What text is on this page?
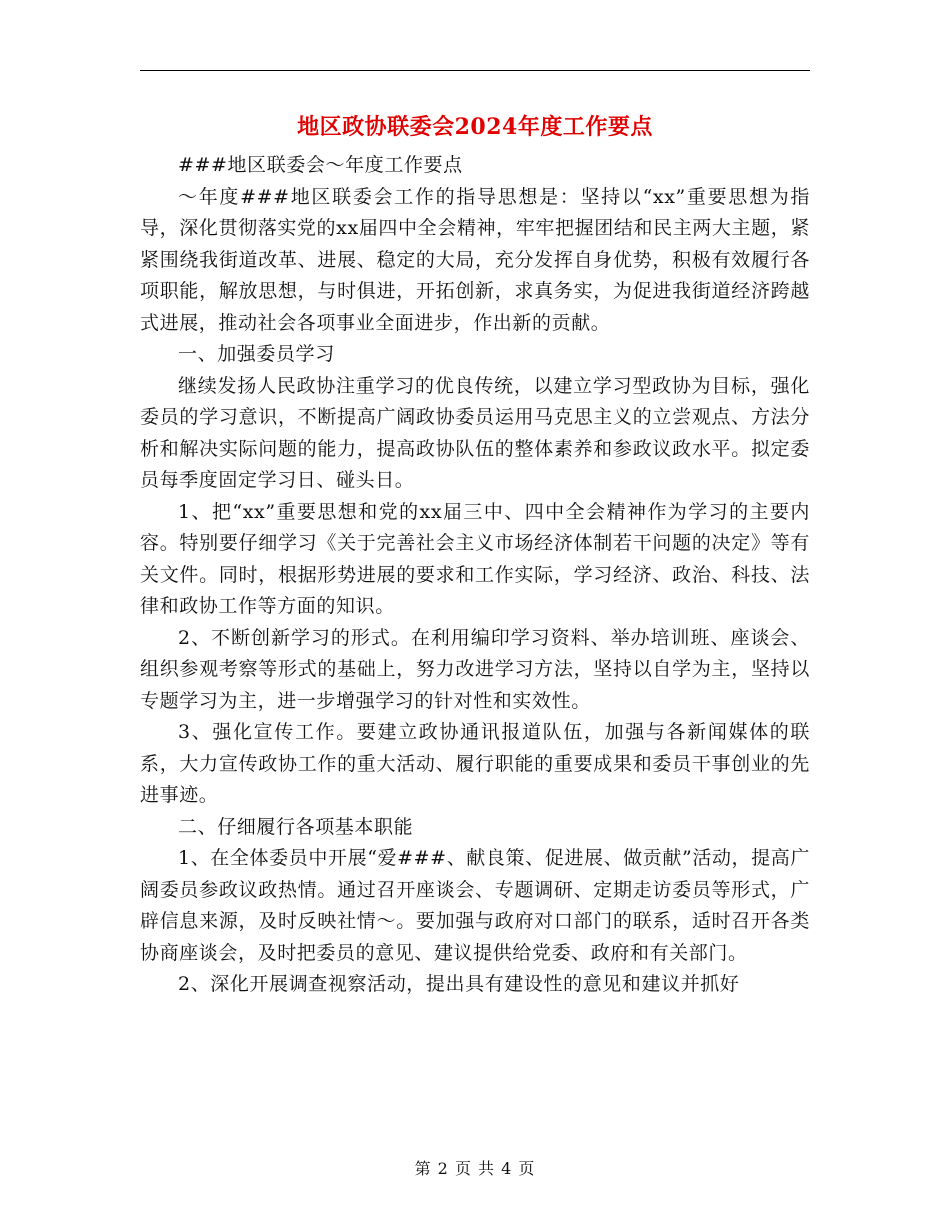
地区政协联委会2024年度工作要点

###地区联委会～年度工作要点

～年度###地区联委会工作的指导思想是：坚持以“xx”重要思想为指导，深化贯彻落实党的xx届四中全会精神，牢牢把握团结和民主两大主题，紧紧围绕我街道改革、进展、稳定的大局，充分发挥自身优势，积极有效履行各项职能，解放思想，与时俱进，开拓创新，求真务实，为促进我街道经济跨越式进展，推动社会各项事业全面进步，作出新的贡献。

一、加强委员学习

继续发扬人民政协注重学习的优良传统，以建立学习型政协为目标，强化委员的学习意识，不断提高广阔政协委员运用马克思主义的立尝观点、方法分析和解决实际问题的能力，提高政协队伍的整体素养和参政议政水平。拟定委员每季度固定学习日、碰头日。

1、把“xx”重要思想和党的xx届三中、四中全会精神作为学习的主要内容。特别要仔细学习《关于完善社会主义市场经济体制若干问题的决定》等有关文件。同时，根据形势进展的要求和工作实际，学习经济、政治、科技、法律和政协工作等方面的知识。

2、不断创新学习的形式。在利用编印学习资料、举办培训班、座谈会、组织参观考察等形式的基础上，努力改进学习方法，坚持以自学为主，坚持以专题学习为主，进一步增强学习的针对性和实效性。

3、强化宣传工作。要建立政协通讯报道队伍，加强与各新闻媒体的联系，大力宣传政协工作的重大活动、履行职能的重要成果和委员干事创业的先进事迹。

二、仔细履行各项基本职能

1、在全体委员中开展“爱###、献良策、促进展、做贡献”活动，提高广阔委员参政议政热情。通过召开座谈会、专题调研、定期走访委员等形式，广辟信息来源，及时反映社情～。要加强与政府对口部门的联系，适时召开各类协商座谈会，及时把委员的意见、建议提供给党委、政府和有关部门。

2、深化开展调查视察活动，提出具有建设性的意见和建议并抓好

第 2 页 共 4 页
